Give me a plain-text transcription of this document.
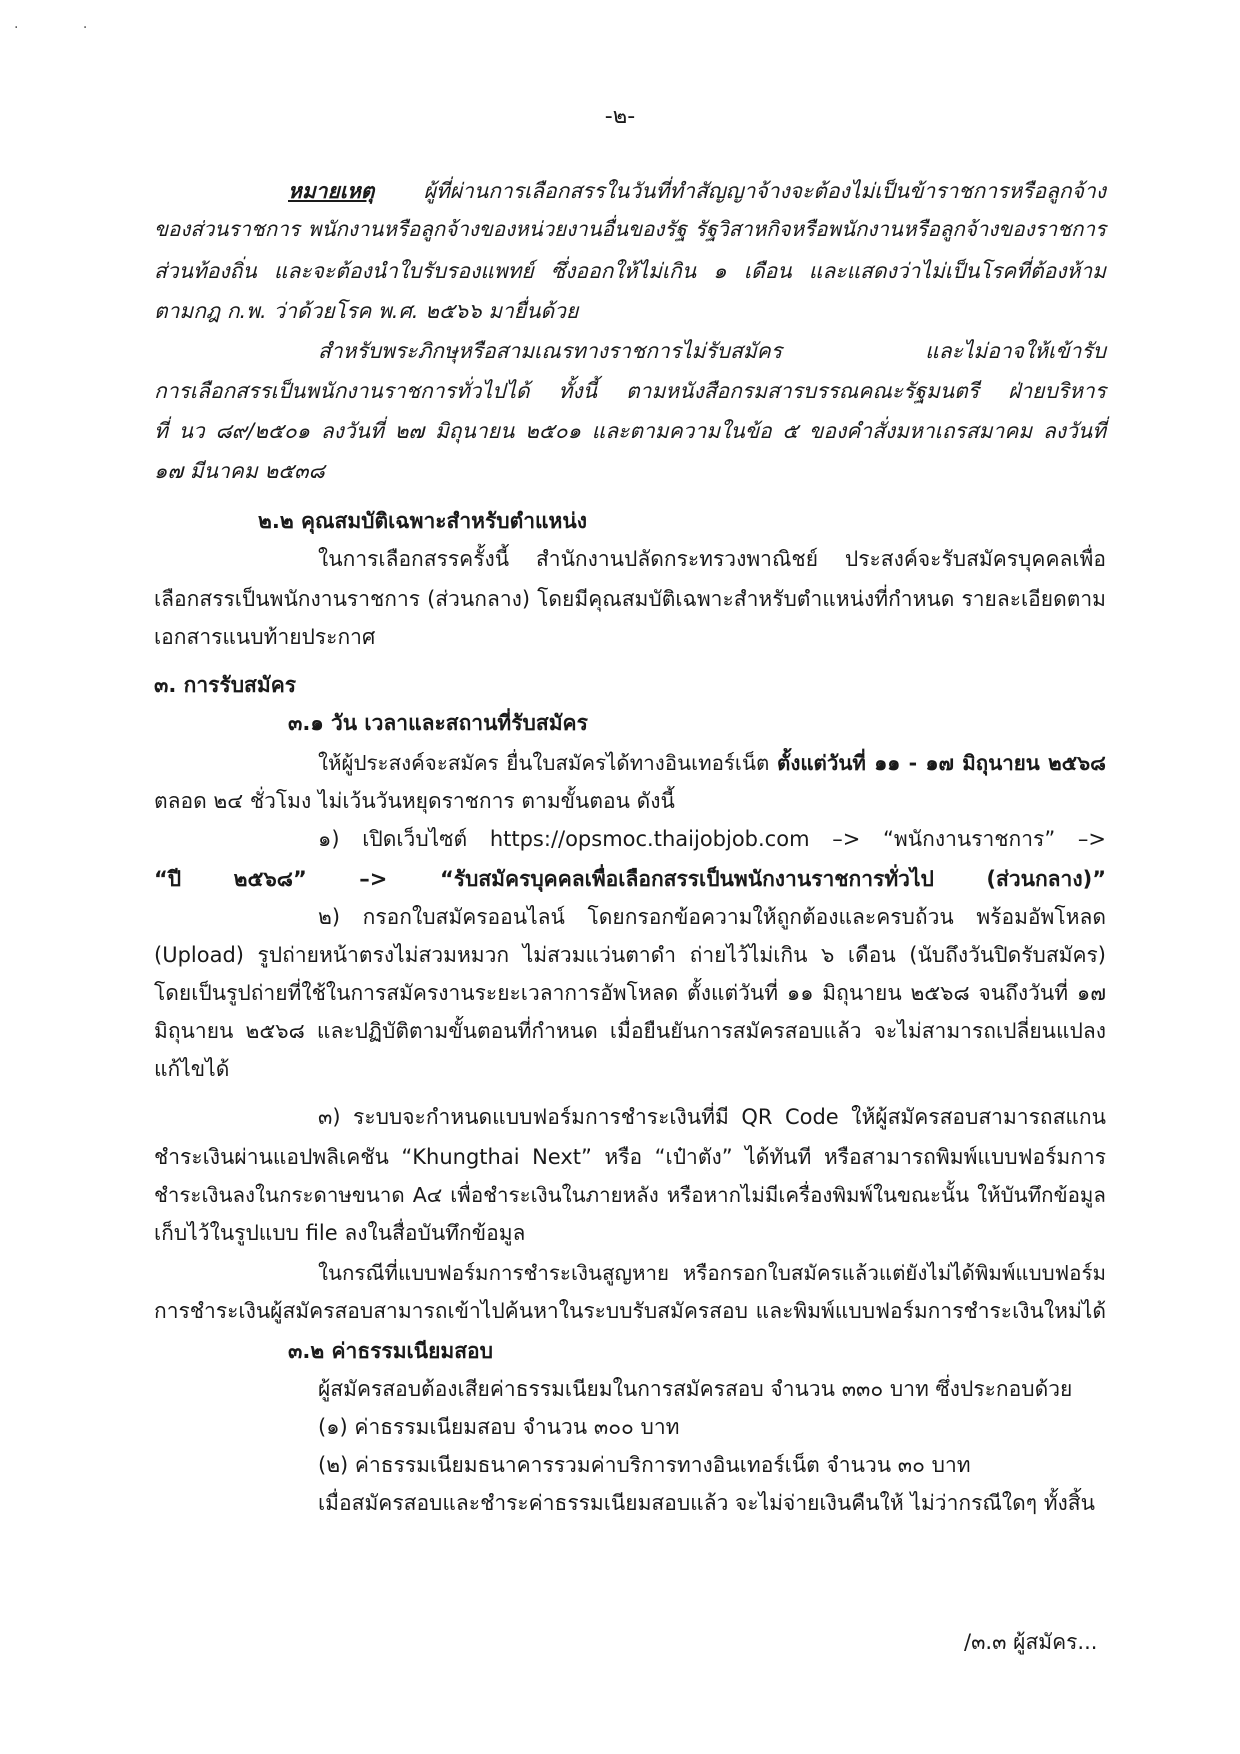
· ·
-๒-
หมายเหตุ ผู้ที่ผ่านการเลือกสรรในวันที่ทำสัญญาจ้างจะต้องไม่เป็นข้าราชการหรือลูกจ้าง
ของส่วนราชการ พนักงานหรือลูกจ้างของหน่วยงานอื่นของรัฐ รัฐวิสาหกิจหรือพนักงานหรือลูกจ้างของราชการ
ส่วนท้องถิ่น และจะต้องนำใบรับรองแพทย์ ซึ่งออกให้ไม่เกิน ๑ เดือน และแสดงว่าไม่เป็นโรคที่ต้องห้าม
ตามกฎ ก.พ. ว่าด้วยโรค พ.ศ. ๒๕๖๖ มายื่นด้วย
สำหรับพระภิกษุหรือสามเณรทางราชการไม่รับสมัคร และไม่อาจให้เข้ารับ
การเลือกสรรเป็นพนักงานราชการทั่วไปได้ ทั้งนี้ ตามหนังสือกรมสารบรรณคณะรัฐมนตรี ฝ่ายบริหาร
ที่ นว ๘๙/๒๕๐๑ ลงวันที่ ๒๗ มิถุนายน ๒๕๐๑ และตามความในข้อ ๕ ของคำสั่งมหาเถรสมาคม ลงวันที่
๑๗ มีนาคม ๒๕๓๘
๒.๒ คุณสมบัติเฉพาะสำหรับตำแหน่ง
ในการเลือกสรรครั้งนี้ สำนักงานปลัดกระทรวงพาณิชย์ ประสงค์จะรับสมัครบุคคลเพื่อ
เลือกสรรเป็นพนักงานราชการ (ส่วนกลาง) โดยมีคุณสมบัติเฉพาะสำหรับตำแหน่งที่กำหนด รายละเอียดตาม
เอกสารแนบท้ายประกาศ
๓. การรับสมัคร
๓.๑ วัน เวลาและสถานที่รับสมัคร
ให้ผู้ประสงค์จะสมัคร ยื่นใบสมัครได้ทางอินเทอร์เน็ต ตั้งแต่วันที่ ๑๑ - ๑๗ มิถุนายน ๒๕๖๘
ตลอด ๒๔ ชั่วโมง ไม่เว้นวันหยุดราชการ ตามขั้นตอน ดังนี้
๑) เปิดเว็บไซต์ https://opsmoc.thaijobjob.com –> “พนักงานราชการ” –>
“ปี ๒๕๖๘” –> “รับสมัครบุคคลเพื่อเลือกสรรเป็นพนักงานราชการทั่วไป (ส่วนกลาง)”
๒) กรอกใบสมัครออนไลน์ โดยกรอกข้อความให้ถูกต้องและครบถ้วน พร้อมอัพโหลด
(Upload) รูปถ่ายหน้าตรงไม่สวมหมวก ไม่สวมแว่นตาดำ ถ่ายไว้ไม่เกิน ๖ เดือน (นับถึงวันปิดรับสมัคร)
โดยเป็นรูปถ่ายที่ใช้ในการสมัครงานระยะเวลาการอัพโหลด ตั้งแต่วันที่ ๑๑ มิถุนายน ๒๕๖๘ จนถึงวันที่ ๑๗
มิถุนายน ๒๕๖๘ และปฏิบัติตามขั้นตอนที่กำหนด เมื่อยืนยันการสมัครสอบแล้ว จะไม่สามารถเปลี่ยนแปลง
แก้ไขได้
๓) ระบบจะกำหนดแบบฟอร์มการชำระเงินที่มี QR Code ให้ผู้สมัครสอบสามารถสแกน
ชำระเงินผ่านแอปพลิเคชัน “Khungthai Next” หรือ “เป๋าตัง” ได้ทันที หรือสามารถพิมพ์แบบฟอร์มการ
ชำระเงินลงในกระดาษขนาด A๔ เพื่อชำระเงินในภายหลัง หรือหากไม่มีเครื่องพิมพ์ในขณะนั้น ให้บันทึกข้อมูล
เก็บไว้ในรูปแบบ file ลงในสื่อบันทึกข้อมูล
ในกรณีที่แบบฟอร์มการชำระเงินสูญหาย หรือกรอกใบสมัครแล้วแต่ยังไม่ได้พิมพ์แบบฟอร์ม
การชำระเงินผู้สมัครสอบสามารถเข้าไปค้นหาในระบบรับสมัครสอบ และพิมพ์แบบฟอร์มการชำระเงินใหม่ได้
๓.๒ ค่าธรรมเนียมสอบ
ผู้สมัครสอบต้องเสียค่าธรรมเนียมในการสมัครสอบ จำนวน ๓๓๐ บาท ซึ่งประกอบด้วย
(๑) ค่าธรรมเนียมสอบ จำนวน ๓๐๐ บาท
(๒) ค่าธรรมเนียมธนาคารรวมค่าบริการทางอินเทอร์เน็ต จำนวน ๓๐ บาท
เมื่อสมัครสอบและชำระค่าธรรมเนียมสอบแล้ว จะไม่จ่ายเงินคืนให้ ไม่ว่ากรณีใดๆ ทั้งสิ้น
/๓.๓ ผู้สมัคร...
